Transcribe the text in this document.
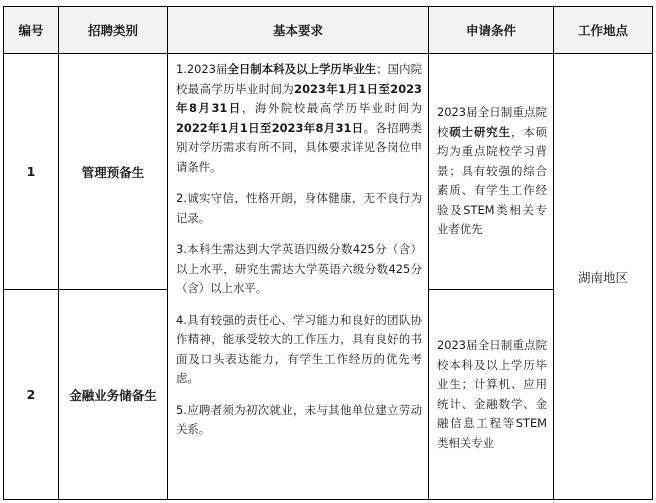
编号	招聘类别	基本要求	申请条件	工作地点
1	管理预备生	1.2023届全日制本科及以上学历毕业生；国内院校最高学历毕业时间为2023年1月1日至2023年8月31日，海外院校最高学历毕业时间为2022年1月1日至2023年8月31日。各招聘类别对学历需求有所不同，具体要求详见各岗位申请条件。

2.诚实守信，性格开朗，身体健康，无不良行为记录。

3.本科生需达到大学英语四级分数425分（含）以上水平，研究生需达大学英语六级分数425分（含）以上水平。

4.具有较强的责任心、学习能力和良好的团队协作精神，能承受较大的工作压力，具有良好的书面及口头表达能力，有学生工作经历的优先考虑。

5.应聘者须为初次就业，未与其他单位建立劳动关系。	2023届全日制重点院校硕士研究生，本硕均为重点院校学习背景；具有较强的综合素质、有学生工作经验及STEM类相关专业者优先	湖南地区
2	金融业务储备生		2023届全日制重点院校本科及以上学历毕业生；计算机、应用统计、金融数学、金融信息工程等STEM类相关专业	
